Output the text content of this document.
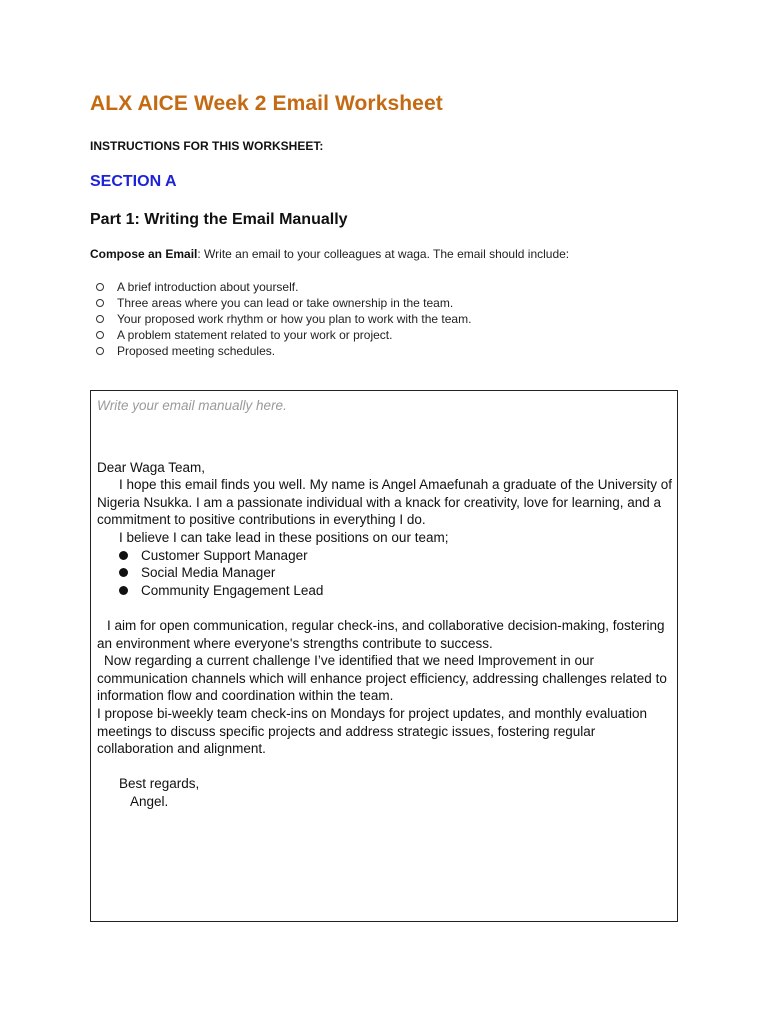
ALX AICE Week 2 Email Worksheet

INSTRUCTIONS FOR THIS WORKSHEET:

SECTION A
Part 1: Writing the Email Manually

Compose an Email: Write an email to your colleagues at waga. The email should include:

A brief introduction about yourself.
Three areas where you can lead or take ownership in the team.
Your proposed work rhythm or how you plan to work with the team.
A problem statement related to your work or project.
Proposed meeting schedules.
Write your email manually here.

Dear Waga Team,

I hope this email finds you well. My name is Angel Amaefunah a graduate of the University of Nigeria Nsukka. I am a passionate individual with a knack for creativity, love for learning, and a commitment to positive contributions in everything I do.

I believe I can take lead in these positions on our team;

Customer Support Manager
Social Media Manager
Community Engagement Lead

I aim for open communication, regular check-ins, and collaborative decision-making, fostering an environment where everyone's strengths contribute to success.

Now regarding a current challenge I’ve identified that we need Improvement in our communication channels which will enhance project efficiency, addressing challenges related to information flow and coordination within the team.

I propose bi-weekly team check-ins on Mondays for project updates, and monthly evaluation meetings to discuss specific projects and address strategic issues, fostering regular collaboration and alignment.

Best regards,

Angel.
